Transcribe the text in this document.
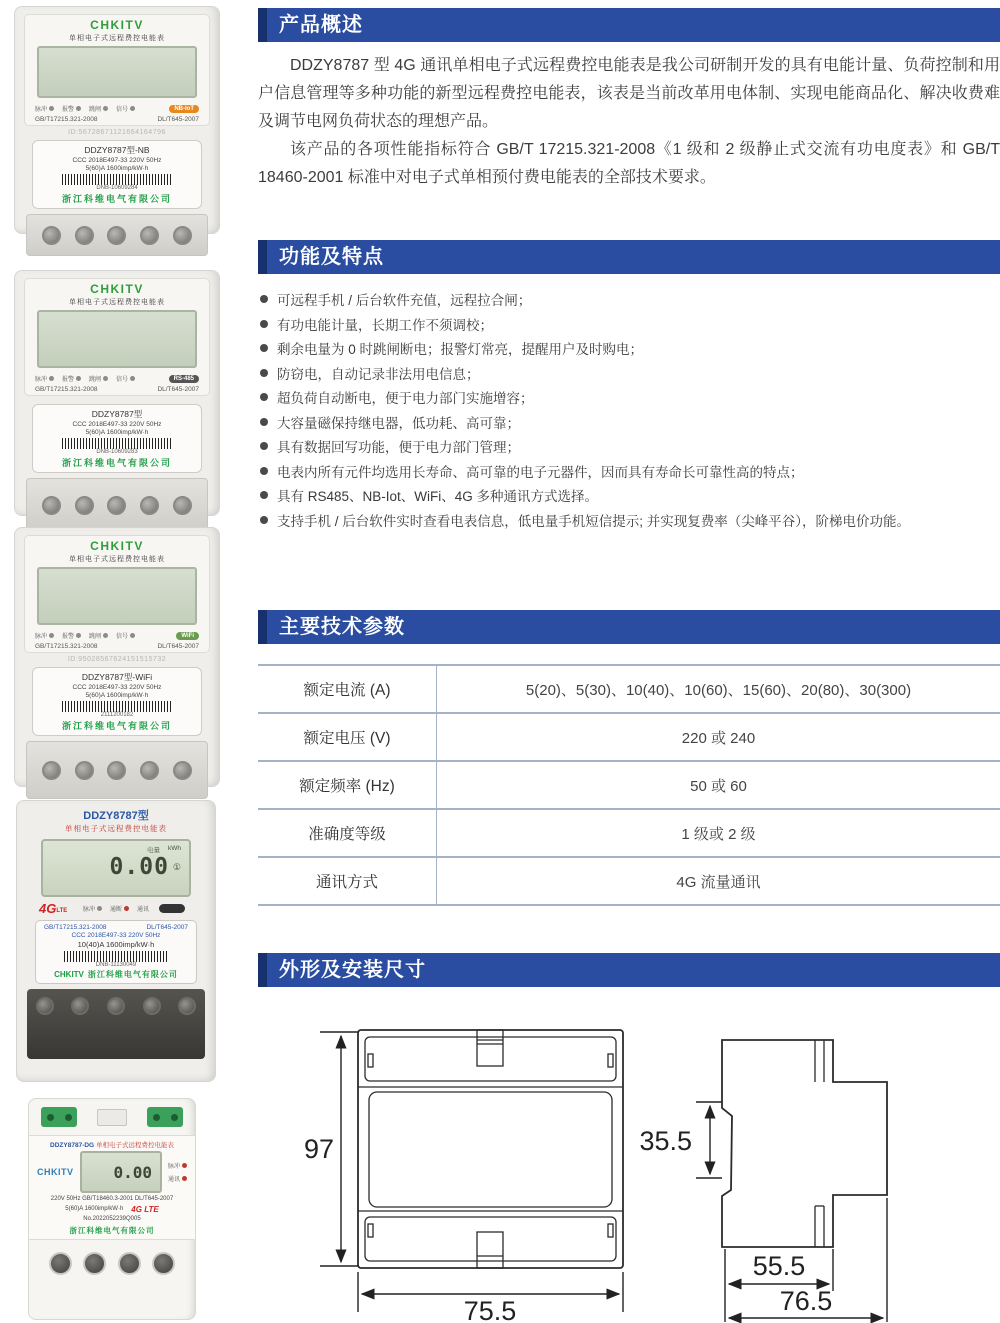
CHKITV
单相电子式远程费控电能表
脉冲	报警	跳闸	信号	NB-IoT
GB/T17215.321-2008	DL/T645-2007
ID:56728671121664164796
DDZY8787型-NB
CCC 2018E497-33 220V 50Hz
5(60)A 1600imp/kW·h
DNB-10609284
浙江科维电气有限公司
CHKITV
单相电子式远程费控电能表
脉冲	报警	跳闸	信号	RS-485
GB/T17215.321-2008	DL/T645-2007
DDZY8787型
CCC 2018E497-33 220V 50Hz
5(60)A 1600imp/kW·h
DNB-10609283
浙江科维电气有限公司
CHKITV
单相电子式远程费控电能表
脉冲	报警	跳闸	信号	WiFi
GB/T17215.321-2008	DL/T645-2007
ID:95028567624151515732
DDZY8787型-WiFi
CCC 2018E497-33 220V 50Hz
5(60)A 1600imp/kW·h
2111200182
浙江科维电气有限公司
DDZY8787型
单相电子式远程费控电能表
电量 kWh
0.00 ①
4G LTE	脉冲	通断	通讯
GB/T17215.321-2008	DL/T645-2007
CCC 2018E497-33 220V 50Hz
10(40)A 1600imp/kW·h
DNB-11130049
CHKITV 浙江科维电气有限公司
DDZY8787-DG 单相电子式远程费控电能表
CHKITV 0.00	脉冲
通讯
220V 50Hz GB/T18460.3-2001 DL/T645-2007
5(60)A 1600imp/kW·h 4G LTE
No.2022052239Q005
浙江科维电气有限公司
产品概述

DDZY8787 型 4G 通讯单相电子式远程费控电能表是我公司研制开发的具有电能计量、负荷控制和用户信息管理等多种功能的新型远程费控电能表，该表是当前改革用电体制、实现电能商品化、解决收费难及调节电网负荷状态的理想产品。

该产品的各项性能指标符合 GB/T 17215.321-2008《1 级和 2 级静止式交流有功电度表》和 GB/T 18460-2001 标准中对电子式单相预付费电能表的全部技术要求。

功能及特点
可远程手机 / 后台软件充值，远程拉合闸；
有功电能计量，长期工作不须调校；
剩余电量为 0 时跳闸断电；报警灯常亮，提醒用户及时购电；
防窃电，自动记录非法用电信息；
超负荷自动断电，便于电力部门实施增容；
大容量磁保持继电器，低功耗、高可靠；
具有数据回写功能，便于电力部门管理；
电表内所有元件均选用长寿命、高可靠的电子元器件，因而具有寿命长可靠性高的特点；
具有 RS485、NB-Iot、WiFi、4G 多种通讯方式选择。
支持手机 / 后台软件实时查看电表信息，低电量手机短信提示; 并实现复费率（尖峰平谷），阶梯电价功能。
主要技术参数
额定电流 (A)	5(20)、5(30)、10(40)、10(60)、15(60)、20(80)、30(300)
额定电压 (V)	220 或 240
额定频率 (Hz)	50 或 60
准确度等级	1 级或 2 级
通讯方式	4G 流量通讯
外形及安装尺寸
97
75.5
35.5
55.5
76.5
